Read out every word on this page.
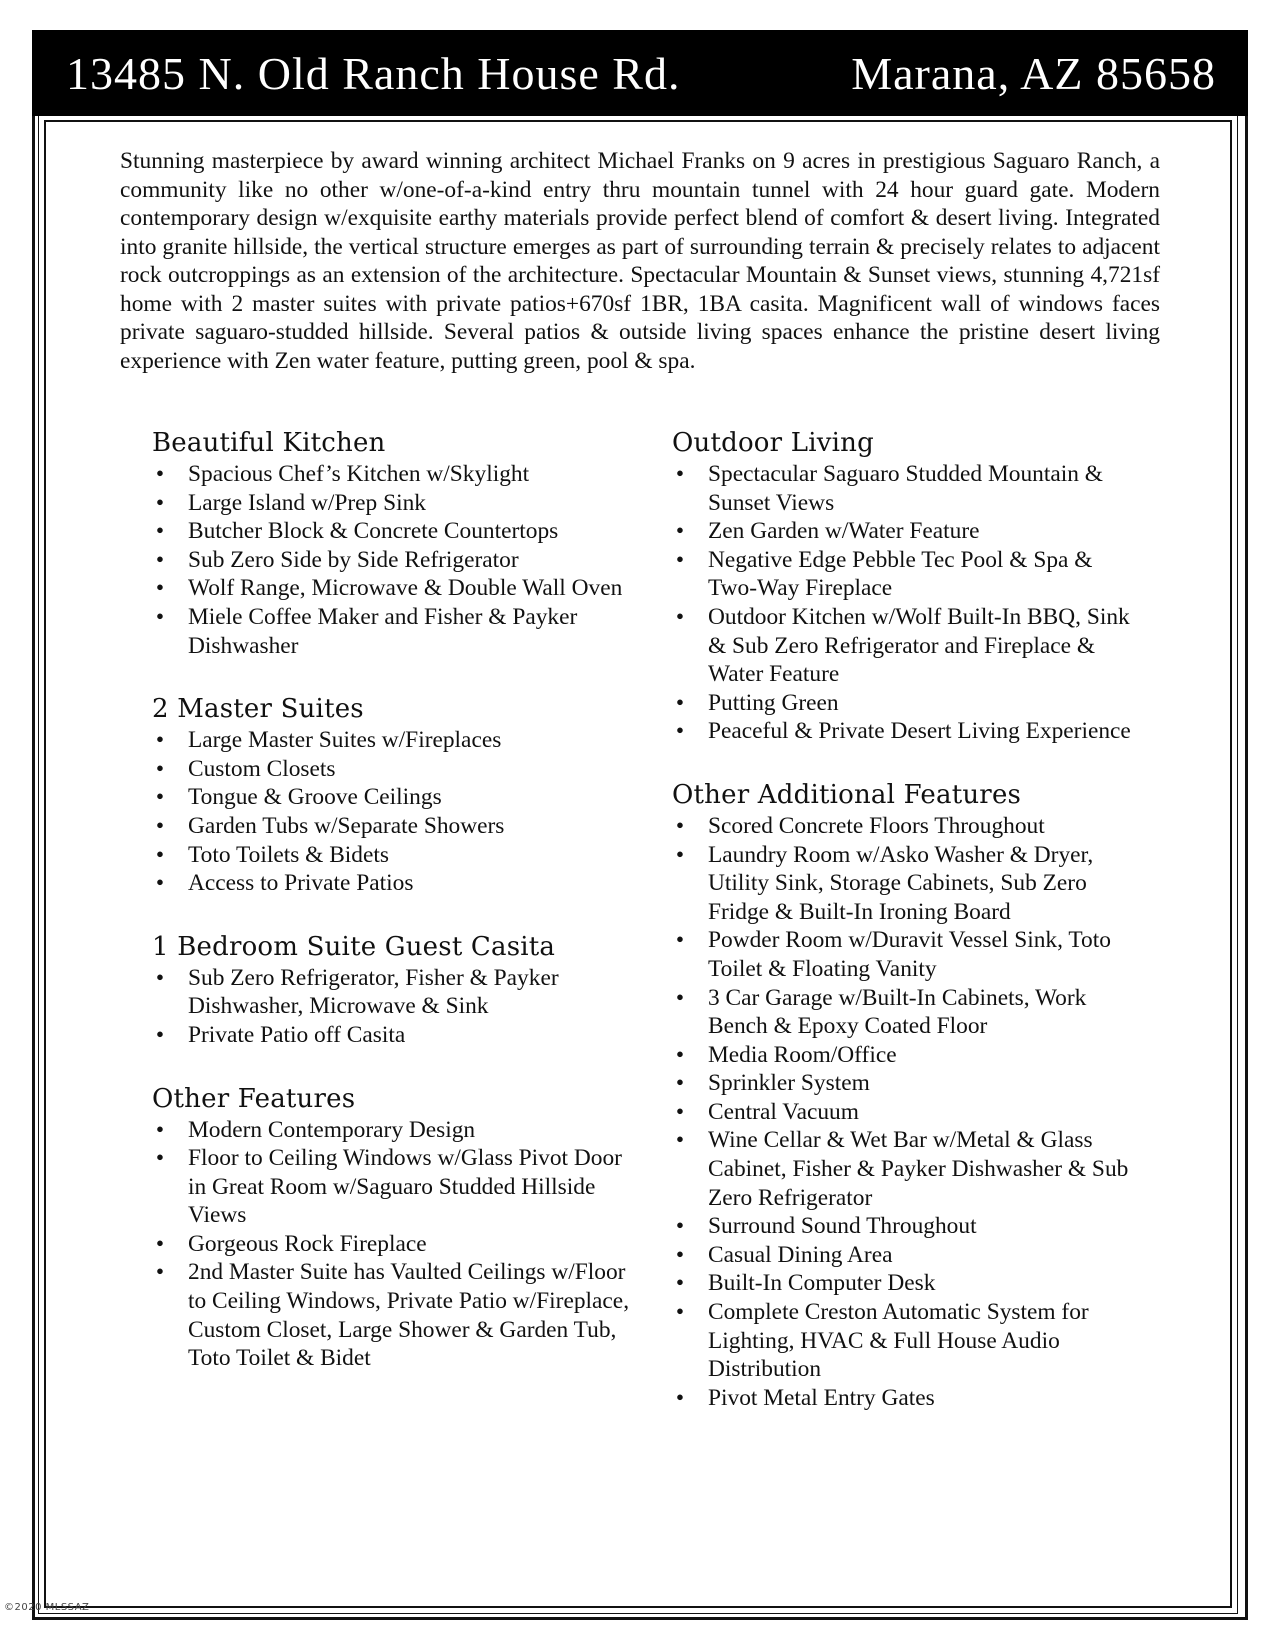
13485 N. Old Ranch House Rd.	Marana, AZ 85658

Stunning masterpiece by award winning architect Michael Franks on 9 acres in prestigious Saguaro Ranch, a community like no other w/one-of-a-kind entry thru mountain tunnel with 24 hour guard gate. Modern contemporary design w/exquisite earthy materials provide perfect blend of comfort & desert living. Integrated into granite hillside, the vertical structure emerges as part of surrounding terrain & precisely relates to adjacent rock outcroppings as an extension of the architecture. Spectacular Mountain & Sunset views, stunning 4,721sf home with 2 master suites with private patios+670sf 1BR, 1BA casita. Magnificent wall of windows faces private saguaro-studded hillside. Several patios & outside living spaces enhance the pristine desert living experience with Zen water feature, putting green, pool & spa.

Beautiful Kitchen
• Spacious Chef’s Kitchen w/Skylight
• Large Island w/Prep Sink
• Butcher Block & Concrete Countertops
• Sub Zero Side by Side Refrigerator
• Wolf Range, Microwave & Double Wall Oven
• Miele Coffee Maker and Fisher & Payker Dishwasher
2 Master Suites
• Large Master Suites w/Fireplaces
• Custom Closets
• Tongue & Groove Ceilings
• Garden Tubs w/Separate Showers
• Toto Toilets & Bidets
• Access to Private Patios
1 Bedroom Suite Guest Casita
• Sub Zero Refrigerator, Fisher & Payker Dishwasher, Microwave & Sink
• Private Patio off Casita
Other Features
• Modern Contemporary Design
• Floor to Ceiling Windows w/Glass Pivot Door in Great Room w/Saguaro Studded Hillside Views
• Gorgeous Rock Fireplace
• 2nd Master Suite has Vaulted Ceilings w/Floor to Ceiling Windows, Private Patio w/Fireplace, Custom Closet, Large Shower & Garden Tub, Toto Toilet & Bidet
Outdoor Living
• Spectacular Saguaro Studded Mountain & Sunset Views
• Zen Garden w/Water Feature
• Negative Edge Pebble Tec Pool & Spa & Two-Way Fireplace
• Outdoor Kitchen w/Wolf Built-In BBQ, Sink & Sub Zero Refrigerator and Fireplace & Water Feature
• Putting Green
• Peaceful & Private Desert Living Experience
Other Additional Features
• Scored Concrete Floors Throughout
• Laundry Room w/Asko Washer & Dryer, Utility Sink, Storage Cabinets, Sub Zero Fridge & Built-In Ironing Board
• Powder Room w/Duravit Vessel Sink, Toto Toilet & Floating Vanity
• 3 Car Garage w/Built-In Cabinets, Work Bench & Epoxy Coated Floor
• Media Room/Office
• Sprinkler System
• Central Vacuum
• Wine Cellar & Wet Bar w/Metal & Glass Cabinet, Fisher & Payker Dishwasher & Sub Zero Refrigerator
• Surround Sound Throughout
• Casual Dining Area
• Built-In Computer Desk
• Complete Creston Automatic System for Lighting, HVAC & Full House Audio Distribution
• Pivot Metal Entry Gates
©2020 MLSSAZ
